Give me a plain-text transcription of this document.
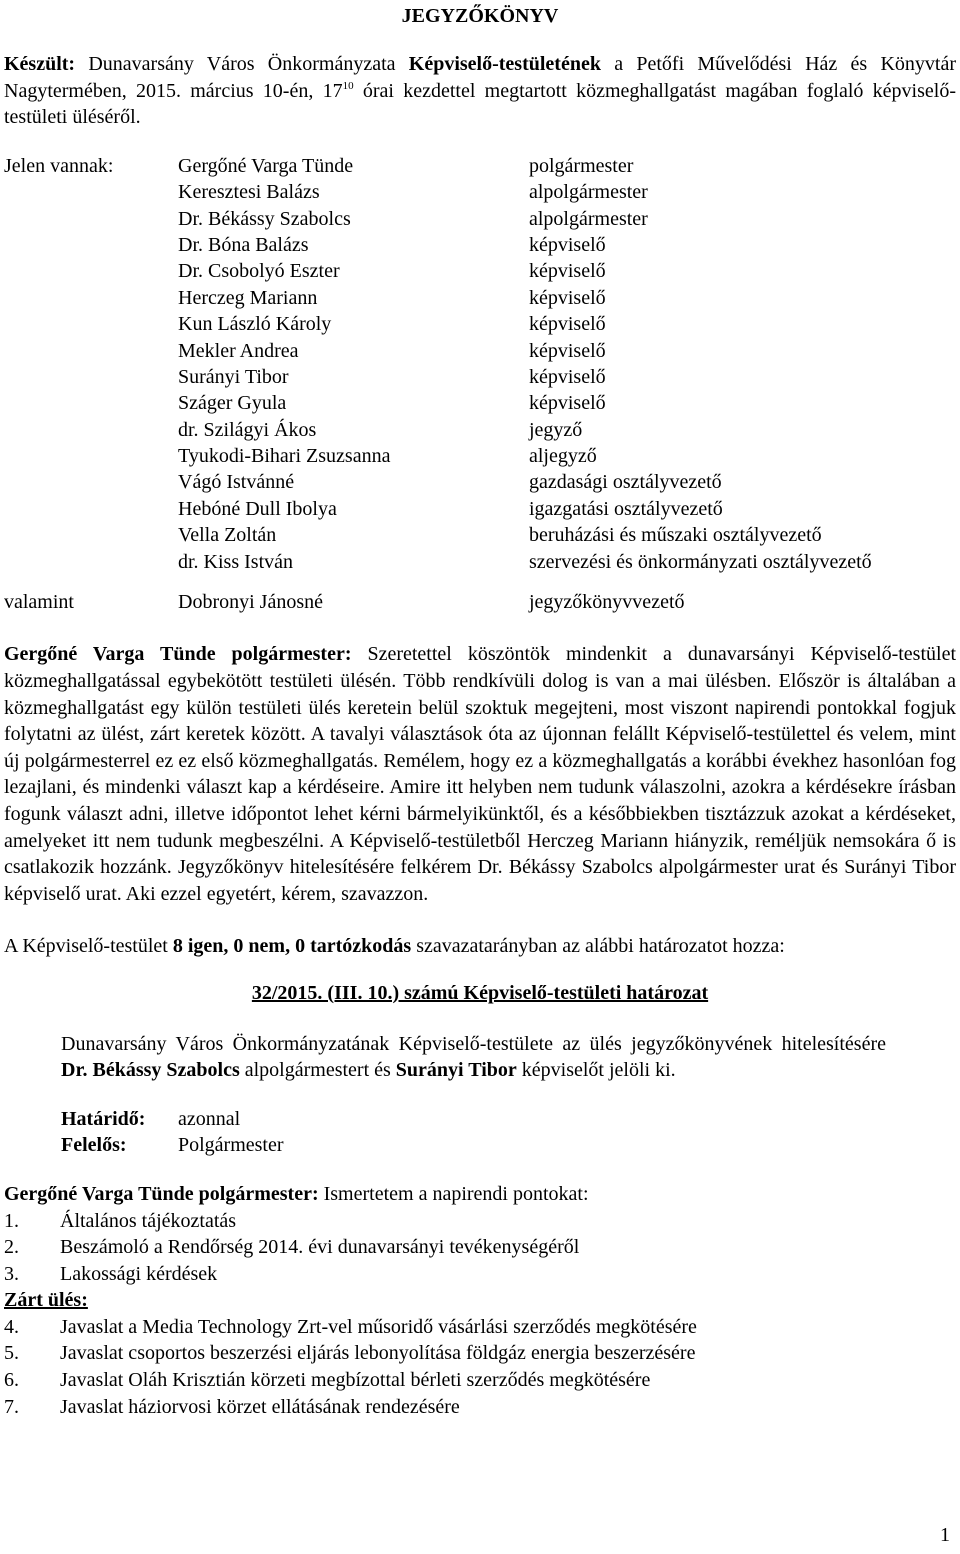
JEGYZŐKÖNYV
Készült: Dunavarsány Város Önkormányzata Képviselő-testületének a Petőfi Művelődési Ház és Könyvtár Nagytermében, 2015. március 10-én, $17^{10}$ órai kezdettel megtartott közmeghallgatást magában foglaló képviselő-testületi üléséről.
Jelen vannak:	Gergőné Varga Tünde	polgármester
Keresztesi Balázs	alpolgármester
Dr. Békássy Szabolcs	alpolgármester
Dr. Bóna Balázs	képviselő
Dr. Csobolyó Eszter	képviselő
Herczeg Mariann	képviselő
Kun László Károly	képviselő
Mekler Andrea	képviselő
Surányi Tibor	képviselő
Száger Gyula	képviselő
dr. Szilágyi Ákos	jegyző
Tyukodi-Bihari Zsuzsanna	aljegyző
Vágó Istvánné	gazdasági osztályvezető
Hebóné Dull Ibolya	igazgatási osztályvezető
Vella Zoltán	beruházási és műszaki osztályvezető
dr. Kiss István	szervezési és önkormányzati osztályvezető
valamint	Dobronyi Jánosné	jegyzőkönyvvezető
Gergőné Varga Tünde polgármester: Szeretettel köszöntök mindenkit a dunavarsányi Képviselő-testület közmeghallgatással egybekötött testületi ülésén. Több rendkívüli dolog is van a mai ülésben. Először is általában a közmeghallgatást egy külön testületi ülés keretein belül szoktuk megejteni, most viszont napirendi pontokkal fogjuk folytatni az ülést, zárt keretek között. A tavalyi választások óta az újonnan felállt Képviselő-testülettel és velem, mint új polgármesterrel ez ez első közmeghallgatás. Remélem, hogy ez a közmeghallgatás a korábbi évekhez hasonlóan fog lezajlani, és mindenki választ kap a kérdéseire. Amire itt helyben nem tudunk válaszolni, azokra a kérdésekre írásban fogunk választ adni, illetve időpontot lehet kérni bármelyikünktől, és a későbbiekben tisztázzuk azokat a kérdéseket, amelyeket itt nem tudunk megbeszélni. A Képviselő-testületből Herczeg Mariann hiányzik, reméljük nemsokára ő is csatlakozik hozzánk. Jegyzőkönyv hitelesítésére felkérem Dr. Békássy Szabolcs alpolgármester urat és Surányi Tibor képviselő urat. Aki ezzel egyetért, kérem, szavazzon.
A Képviselő-testület 8 igen, 0 nem, 0 tartózkodás szavazatarányban az alábbi határozatot hozza:
32/2015. (III. 10.) számú Képviselő-testületi határozat
Dunavarsány Város Önkormányzatának Képviselő-testülete az ülés jegyzőkönyvének hitelesítésére Dr. Békássy Szabolcs alpolgármestert és Surányi Tibor képviselőt jelöli ki.
Határidő:	azonnal
Felelős:	Polgármester
Gergőné Varga Tünde polgármester: Ismertetem a napirendi pontokat:
1.	Általános tájékoztatás
2.	Beszámoló a Rendőrség 2014. évi dunavarsányi tevékenységéről
3.	Lakossági kérdések
Zárt ülés:
4.	Javaslat a Media Technology Zrt-vel műsoridő vásárlási szerződés megkötésére
5.	Javaslat csoportos beszerzési eljárás lebonyolítása földgáz energia beszerzésére
6.	Javaslat Oláh Krisztián körzeti megbízottal bérleti szerződés megkötésére
7.	Javaslat háziorvosi körzet ellátásának rendezésére
1
